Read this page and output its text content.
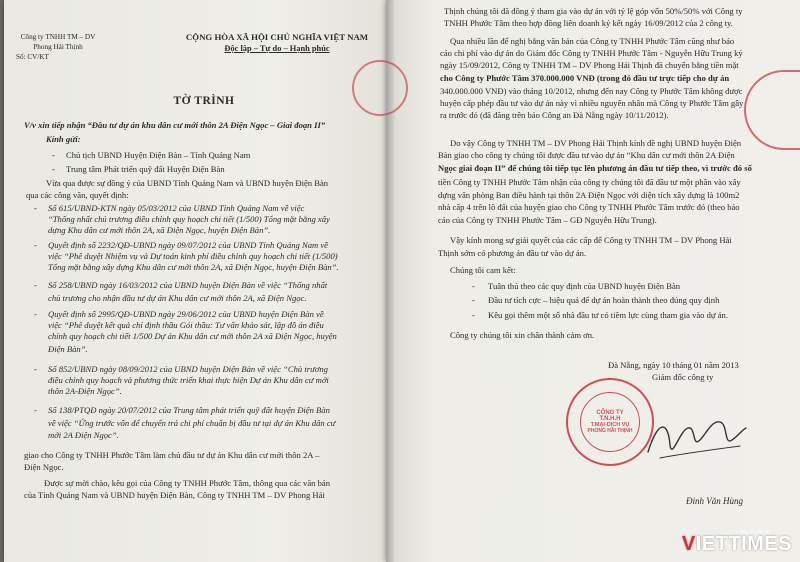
Công ty TNHH TM – DV
Phong Hải Thịnh
Số: CV/KT
CỘNG HÒA XÃ HỘI CHỦ NGHĨA VIỆT NAM
Độc lập – Tự do – Hạnh phúc
TỜ TRÌNH
V/v xin tiếp nhận “Đầu tư dự án khu dân cư mới thôn 2A Điện Ngọc – Giai đoạn II”
Kính gửi:
- Chủ tịch UBND Huyện Điện Bàn – Tỉnh Quảng Nam
- Trung tâm Phát triển quỹ đất Huyện Điện Bàn
Vừa qua được sự đồng ý của UBND Tỉnh Quảng Nam và UBND huyện Điện Bàn
qua các công văn, quyết định:
- Số 615/UBND-KTN ngày 05/03/2012 của UBND Tỉnh Quảng Nam về việc
“Thống nhất chủ trương điều chỉnh quy hoạch chi tiết (1/500) Tổng mặt bằng xây
dựng Khu dân cư mới thôn 2A, xã Điện Ngọc, huyện Điện Bàn”.
- Quyết định số 2232/QĐ-UBND ngày 09/07/2012 của UBND Tỉnh Quảng Nam về
việc “Phê duyệt Nhiệm vụ và Dự toán kinh phí điều chỉnh quy hoạch chi tiết (1/500)
Tổng mặt bằng xây dựng Khu dân cư mới thôn 2A, xã Điện Ngọc, huyện Điện Bàn”.
- Số 258/UBND ngày 16/03/2012 của UBND huyện Điện Bàn về việc “Thống nhất
chủ trương cho nhận đầu tư dự án Khu dân cư mới thôn 2A, xã Điện Ngọc.
- Quyết định số 2995/QĐ-UBND ngày 29/06/2012 của UBND huyện Điện Bàn về
việc “Phê duyệt kết quả chỉ định thầu Gói thầu: Tư vấn khảo sát, lập đồ án điều
chỉnh quy hoạch chi tiết 1/500 Dự án Khu dân cư mới thôn 2A xã Điện Ngọc, huyện
Điện Bàn”.
- Số 852/UBND ngày 08/09/2012 của UBND huyện Điện Bàn về việc “Chủ trương
điều chỉnh quy hoạch và phương thức triển khai thực hiện Dự án Khu dân cư mới
thôn 2A-Điện Ngọc”.
- Số 138/PTQĐ ngày 20/07/2012 của Trung tâm phát triển quỹ đất huyện Điện Bàn
về việc “Ứng trước vốn để chuyển trả chi phí chuẩn bị đầu tư tại dự án Khu dân cư
mới 2A Điện Ngọc”.
giao cho Công ty TNHH Phước Tâm làm chủ đầu tư dự án Khu dân cư mới thôn 2A –
Điện Ngọc.
Được sự mời chào, kêu gọi của Công ty TNHH Phước Tâm, thông qua các văn bản
của Tỉnh Quảng Nam và UBND huyện Điện Bàn, Công ty TNHH TM – DV Phong Hải
Thịnh chúng tôi đã đồng ý tham gia vào dự án với tỷ lệ góp vốn 50%/50% với Công ty
TNHH Phước Tâm theo hợp đồng liên doanh ký kết ngày 16/09/2012 của 2 công ty.
Qua nhiều lần để nghị bằng văn bản của Công ty TNHH Phước Tâm cũng như báo
cáo chi phí vào dự án do Giám đốc Công ty TNHH Phước Tâm - Nguyễn Hữu Trung ký
ngày 15/09/2012, Công ty TNHH TM – DV Phong Hải Thịnh đã chuyển bằng tiền mặt
cho Công ty Phước Tâm 370.000.000 VNĐ (trong đó đầu tư trực tiếp cho dự án
340.000.000 VNĐ) vào tháng 10/2012, nhưng đến nay Công ty Phước Tâm không được
huyện cấp phép đầu tư vào dự án này vì nhiều nguyên nhân mà Công ty Phước Tâm gây
ra trước đó (đã đăng trên báo Công an Đà Nẵng ngày 10/11/2012).
Do vậy Công ty TNHH TM – DV Phong Hải Thịnh kính đề nghị UBND huyện Điện
Bàn giao cho công ty chúng tôi được đầu tư vào dự án “Khu dân cư mới thôn 2A Điện
Ngọc giai đoạn II” để chúng tôi tiếp tục lên phương án đầu tư tiếp theo, vì trước đó số
tiền Công ty TNHH Phước Tâm nhận của công ty chúng tôi đã đầu tư một phần vào xây
dựng văn phòng Ban điều hành tại thôn 2A Điện Ngọc với diện tích xây dựng là 100m2
nhà cấp 4 trên lô đất của huyện giao cho Công ty TNHH Phước Tâm trước đó (theo báo
cáo của Công ty TNHH Phước Tâm – GĐ Nguyễn Hữu Trung).
Vậy kính mong sự giải quyết của các cấp để Công ty TNHH TM – DV Phong Hải
Thịnh sớm có phương án đầu tư vào dự án.
Chúng tôi cam kết:
- Tuân thủ theo các quy định của UBND huyện Điện Bàn
- Đầu tư tích cực – hiệu quả để dự án hoàn thành theo đúng quy định
- Kêu gọi thêm một số nhà đầu tư có tiềm lực cùng tham gia vào dự án.
Công ty chúng tôi xin chân thành cảm ơn.
Đà Nẵng, ngày 10 tháng 01 năm 2013
Giám đốc công ty
Đinh Văn Hùng
Tạp chí điện tử
VIETTIMES
CÔNG TY
T.N.H.H
T.MẠI-DỊCH VỤ
PHONG HẢI THỊNH
